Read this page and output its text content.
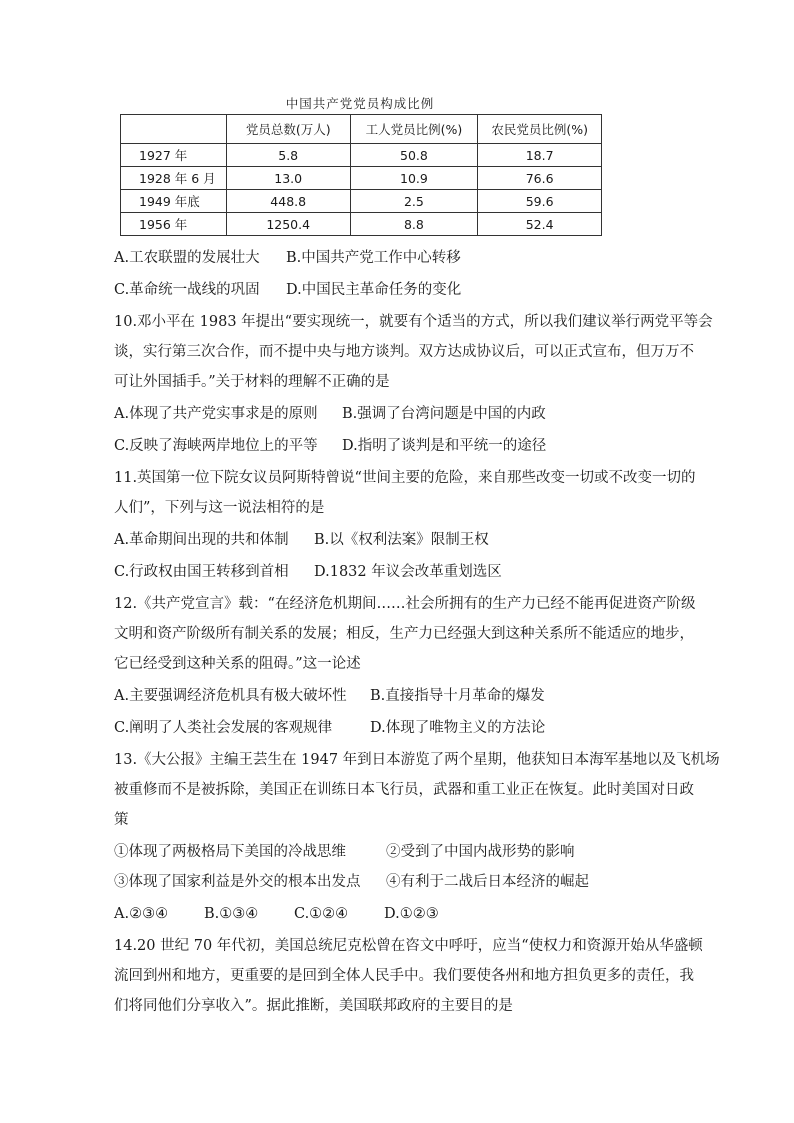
中国共产党党员构成比例
	党员总数(万人)	工人党员比例(%)	农民党员比例(%)
1927 年	5.8	50.8	18.7
1928 年 6 月	13.0	10.9	76.6
1949 年底	448.8	2.5	59.6
1956 年	1250.4	8.8	52.4
A.工农联盟的发展壮大 B.中国共产党工作中心转移
C.革命统一战线的巩固 D.中国民主革命任务的变化
10.邓小平在 1983 年提出“要实现统一，就要有个适当的方式，所以我们建议举行两党平等会
谈，实行第三次合作，而不提中央与地方谈判。双方达成协议后，可以正式宣布，但万万不
可让外国插手。”关于材料的理解不正确的是
A.体现了共产党实事求是的原则 B.强调了台湾问题是中国的内政
C.反映了海峡两岸地位上的平等 D.指明了谈判是和平统一的途径
11.英国第一位下院女议员阿斯特曾说“世间主要的危险，来自那些改变一切或不改变一切的
人们”，下列与这一说法相符的是
A.革命期间出现的共和体制 B.以《权利法案》限制王权
C.行政权由国王转移到首相 D.1832 年议会改革重划选区
12.《共产党宣言》载：“在经济危机期间……社会所拥有的生产力已经不能再促进资产阶级
文明和资产阶级所有制关系的发展；相反，生产力已经强大到这种关系所不能适应的地步，
它已经受到这种关系的阻碍。”这一论述
A.主要强调经济危机具有极大破坏性 B.直接指导十月革命的爆发
C.阐明了人类社会发展的客观规律	D.体现了唯物主义的方法论
13.《大公报》主编王芸生在 1947 年到日本游览了两个星期，他获知日本海军基地以及飞机场
被重修而不是被拆除，美国正在训练日本飞行员，武器和重工业正在恢复。此时美国对日政
策
①体现了两极格局下美国的冷战思维	②受到了中国内战形势的影响
③体现了国家利益是外交的根本出发点 ④有利于二战后日本经济的崛起
A.②③④ B.①③④ C.①②④ D.①②③
14.20 世纪 70 年代初，美国总统尼克松曾在咨文中呼吁，应当“使权力和资源开始从华盛顿
流回到州和地方，更重要的是回到全体人民手中。我们要使各州和地方担负更多的责任，我
们将同他们分享收入”。据此推断，美国联邦政府的主要目的是
